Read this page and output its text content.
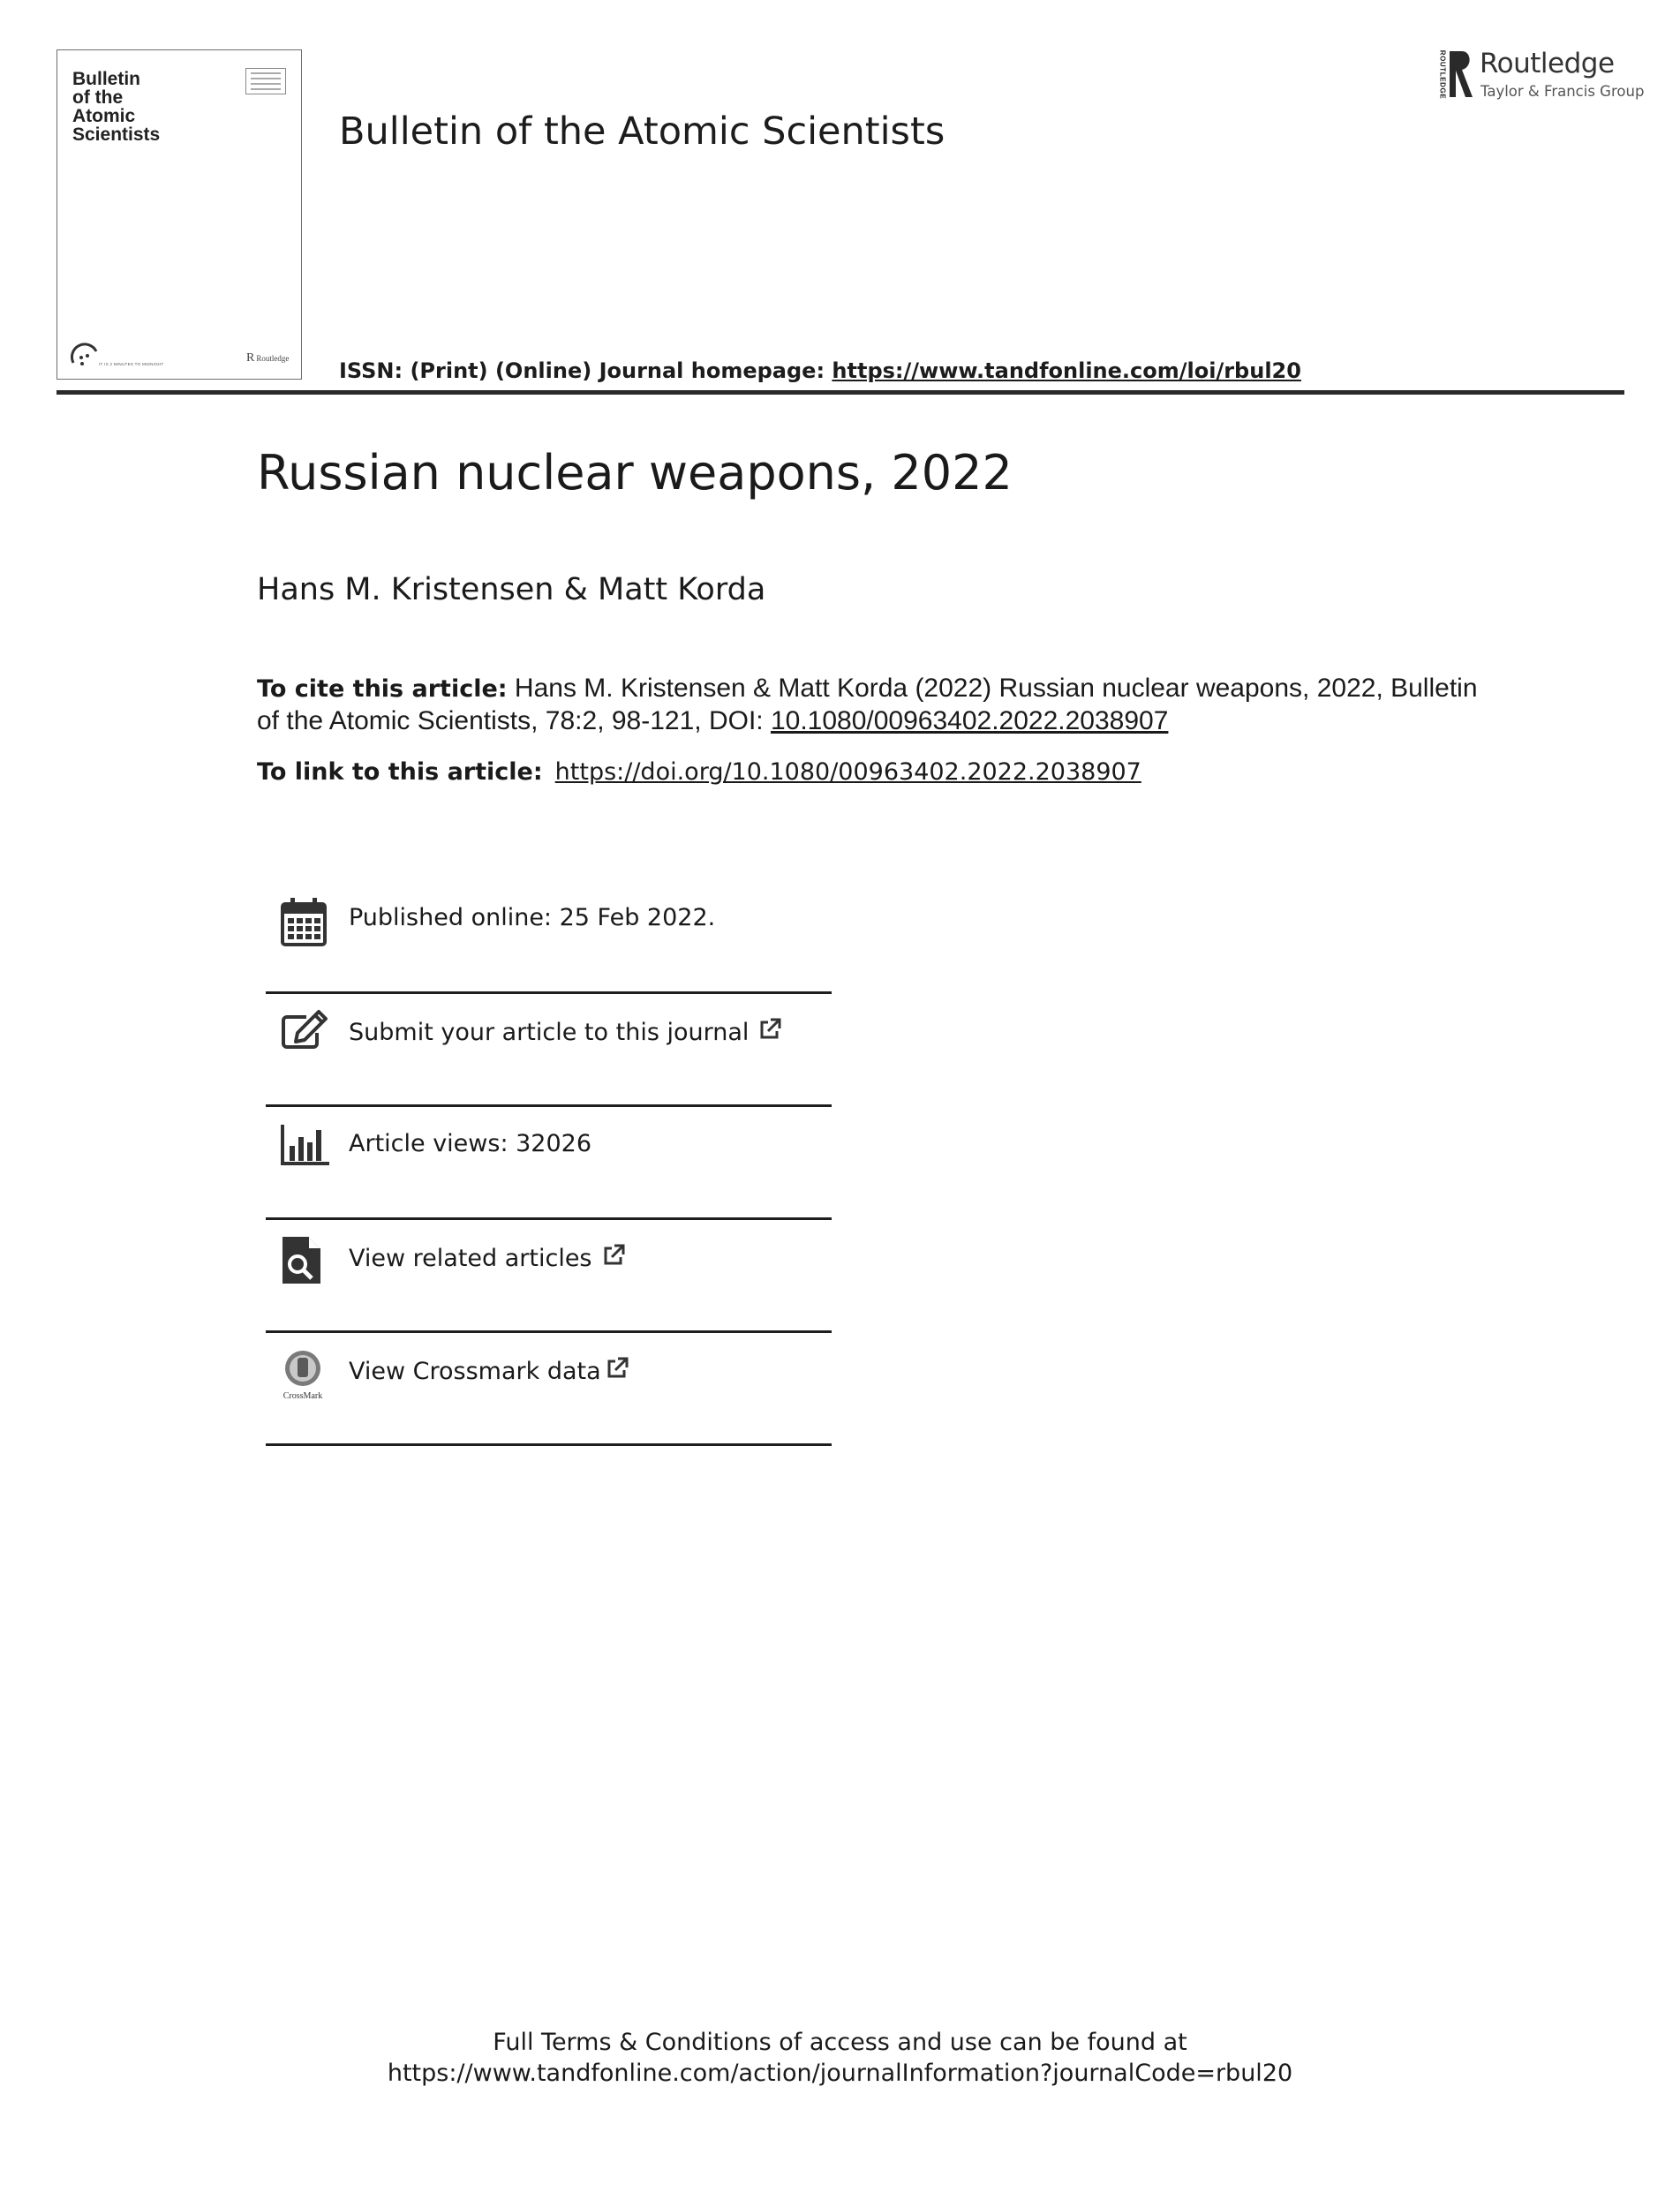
Bulletin
of the
Atomic
Scientists
IT IS 2 MINUTES TO MIDNIGHT	R Routledge
Bulletin of the Atomic Scientists
ROUTLEDGE Routledge
Taylor & Francis Group
ISSN: (Print) (Online) Journal homepage: https://www.tandfonline.com/loi/rbul20
Russian nuclear weapons, 2022
Hans M. Kristensen & Matt Korda
To cite this article: Hans M. Kristensen & Matt Korda (2022) Russian nuclear weapons, 2022, Bulletin of the Atomic Scientists, 78:2, 98-121, DOI: 10.1080/00963402.2022.2038907
To link to this article: https://doi.org/10.1080/00963402.2022.2038907
Published online: 25 Feb 2022.
Submit your article to this journal
Article views: 32026
View related articles
CrossMark
View Crossmark data
Full Terms & Conditions of access and use can be found at
https://www.tandfonline.com/action/journalInformation?journalCode=rbul20
